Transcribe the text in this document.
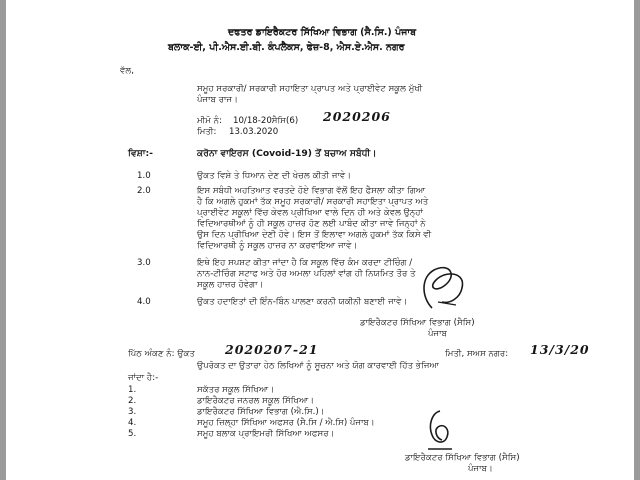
ਦਫਤਰ ਡਾਇਰੈਕਟਰ ਸਿੱਖਿਆ ਵਿਭਾਗ (ਸੈ.ਸਿ.) ਪੰਜਾਬ
ਬਲਾਕ-ਈ, ਪੀ.ਐਸ.ਈ.ਬੀ. ਕੰਪਲੈਕਸ, ਫੇਜ਼-8, ਐਸ.ਏ.ਐਸ. ਨਗਰ
ਵੱਲ,
ਸਮੂਹ ਸਰਕਾਰੀ/ ਸਰਕਾਰੀ ਸਹਾਇਤਾ ਪ੍ਰਾਪਤ ਅਤੇ ਪ੍ਰਾਈਵੇਟ ਸਕੂਲ ਮੁੱਖੀ
ਪੰਜਾਬ ਰਾਜ।
ਮੀਮੋ ਨੰ: 10/18-20ਸੈਸਿ(6) 2020206
ਮਿਤੀ: 13.03.2020
ਵਿਸ਼ਾ:-	ਕਰੋਨਾ ਵਾਇਰਸ (Covoid-19) ਤੋਂ ਬਚਾਅ ਸਬੰਧੀ।
1.0	ਉਕਤ ਵਿਸ਼ੇ ਤੇ ਧਿਆਨ ਦੇਣ ਦੀ ਖੇਚਲ ਕੀਤੀ ਜਾਵੇ।
2.0	ਇਸ ਸਬੰਧੀ ਅਹਤਿਆਤ ਵਰਤਦੇ ਹੋਏ ਵਿਭਾਗ ਵੱਲੋਂ ਇਹ ਫੈਸਲਾ ਕੀਤਾ ਗਿਆ
ਹੈ ਕਿ ਅਗਲੇ ਹੁਕਮਾਂ ਤੱਕ ਸਮੂਹ ਸਰਕਾਰੀ/ ਸਰਕਾਰੀ ਸਹਾਇਤਾ ਪ੍ਰਾਪਤ ਅਤੇ
ਪ੍ਰਾਈਵੇਟ ਸਕੂਲਾਂ ਵਿੱਚ ਕੇਵਲ ਪ੍ਰੀਖਿਆ ਵਾਲੇ ਦਿਨ ਹੀ ਅਤੇ ਕੇਵਲ ਉਨ੍ਹਾਂ
ਵਿਦਿਆਰਥੀਆਂ ਨੂੰ ਹੀ ਸਕੂਲ ਹਾਜ਼ਰ ਹੋਣ ਲਈ ਪਾਬੰਦ ਕੀਤਾ ਜਾਵੇ ਜਿਨ੍ਹਾਂ ਨੇ
ਉਸ ਦਿਨ ਪ੍ਰੀਖਿਆ ਦੇਣੀ ਹੋਵੇ। ਇਸ ਤੋਂ ਇਲਾਵਾ ਅਗਲੇ ਹੁਕਮਾਂ ਤੱਕ ਕਿਸੇ ਵੀ
ਵਿਦਿਆਰਥੀ ਨੂੰ ਸਕੂਲ ਹਾਜ਼ਰ ਨਾ ਕਰਵਾਇਆ ਜਾਵੇ।
3.0	ਇਥੇ ਇਹ ਸਪਸ਼ਟ ਕੀਤਾ ਜਾਂਦਾ ਹੈ ਕਿ ਸਕੂਲ ਵਿੱਚ ਕੰਮ ਕਰਦਾ ਟੀਚਿੰਗ /
ਨਾਨ-ਟੀਚਿੰਗ ਸਟਾਫ ਅਤੇ ਹੋਰ ਅਮਲਾ ਪਹਿਲਾਂ ਵਾਂਗ ਹੀ ਨਿਯਮਿਤ ਤੌਰ ਤੇ
ਸਕੂਲ ਹਾਜ਼ਰ ਹੋਵੇਗਾ।
4.0	ਉਕਤ ਹਦਾਇਤਾਂ ਦੀ ਇੰਨ-ਬਿੰਨ ਪਾਲਣਾ ਕਰਨੀ ਯਕੀਨੀ ਬਣਾਈ ਜਾਵੇ।
ਡਾਇਰੈਕਟਰ ਸਿੱਖਿਆ ਵਿਭਾਗ (ਸੈਸਿ)
ਪੰਜਾਬ
ਪਿੱਠ ਅੰਕਣ ਨੰ: ਉਕਤ 2020207-21	ਮਿਤੀ, ਸਅਸ ਨਗਰ: 13/3/20
ਉਪਰੋਕਤ ਦਾ ਉਤਾਰਾ ਹੇਠ ਲਿਖਿਆਂ ਨੂੰ ਸੂਚਨਾ ਅਤੇ ਯੋਗ ਕਾਰਵਾਈ ਹਿੱਤ ਭੇਜਿਆ
ਜਾਂਦਾ ਹੈ:-
1.	ਸਕੱਤਰ ਸਕੂਲ ਸਿੱਖਿਆ।
2.	ਡਾਇਰੈਕਟਰ ਜਨਰਲ ਸਕੂਲ ਸਿੱਖਿਆ।
3.	ਡਾਇਰੈਕਟਰ ਸਿੱਖਿਆ ਵਿਭਾਗ (ਐ.ਸਿ.)।
4.	ਸਮੂਹ ਜ਼ਿਲ੍ਹਾ ਸਿੱਖਿਆ ਅਫਸਰ (ਸੈ.ਸਿ / ਐ.ਸਿ) ਪੰਜਾਬ।
5.	ਸਮੂਹ ਬਲਾਕ ਪ੍ਰਾਇਮਰੀ ਸਿੱਖਿਆ ਅਫਸਰ।
ਡਾਇਰੈਕਟਰ ਸਿੱਖਿਆ ਵਿਭਾਗ (ਸੈਸਿ)
ਪੰਜਾਬ।
